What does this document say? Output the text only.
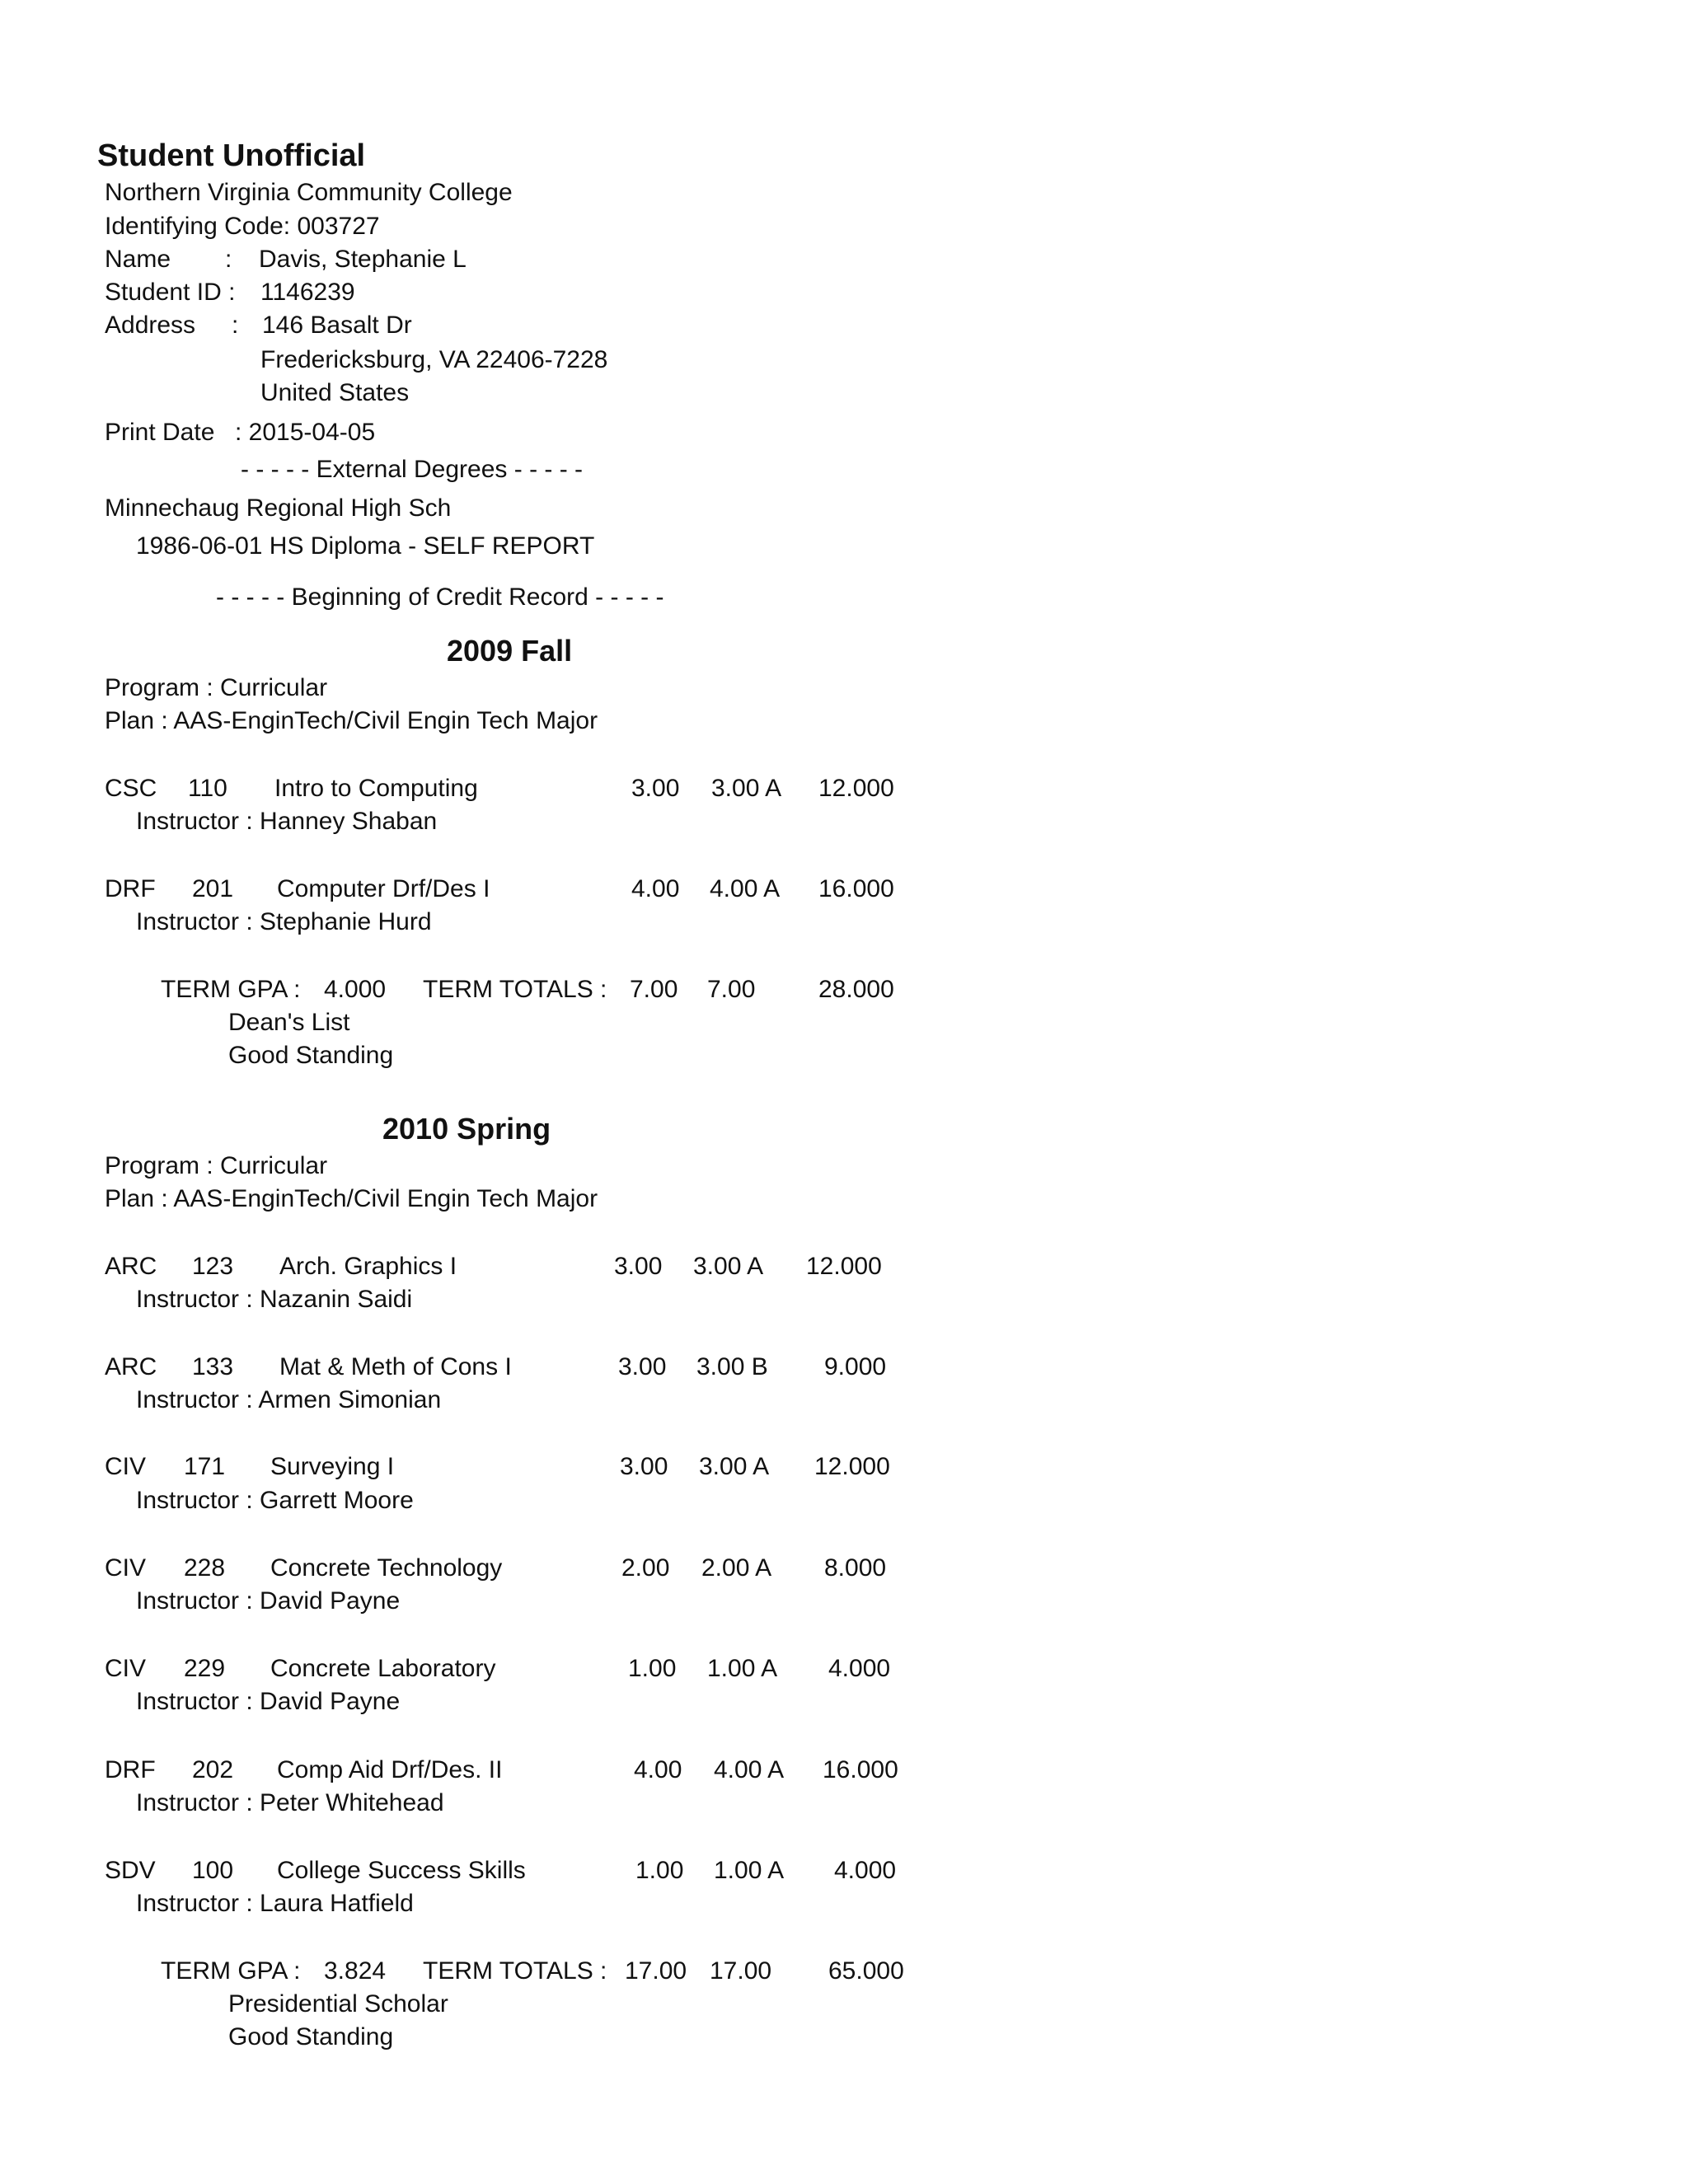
Student Unofficial
Northern Virginia Community College
Identifying Code: 003727
Name : Davis, Stephanie L
Student ID : 1146239
Address : 146 Basalt Dr
Fredericksburg, VA 22406-7228
United States
Print Date : 2015-04-05
- - - - - External Degrees - - - - -
Minnechaug Regional High Sch
1986-06-01 HS Diploma - SELF REPORT
- - - - - Beginning of Credit Record - - - - -
2009 Fall
Program : Curricular
Plan : AAS-EnginTech/Civil Engin Tech Major
CSC 110 Intro to Computing	3.00 3.00 A 12.000
Instructor : Hanney Shaban
DRF 201 Computer Drf/Des I	4.00 4.00 A 16.000
Instructor : Stephanie Hurd
TERM GPA : 4.000 TERM TOTALS : 7.00 7.00	28.000
Dean's List
Good Standing
2010 Spring
Program : Curricular
Plan : AAS-EnginTech/Civil Engin Tech Major
ARC 123 Arch. Graphics I	3.00 3.00 A 12.000
Instructor : Nazanin Saidi
ARC 133 Mat & Meth of Cons I	3.00 3.00 B 9.000
Instructor : Armen Simonian
CIV 171 Surveying I	3.00 3.00 A 12.000
Instructor : Garrett Moore
CIV 228 Concrete Technology	2.00 2.00 A 8.000
Instructor : David Payne
CIV 229 Concrete Laboratory	1.00 1.00 A 4.000
Instructor : David Payne
DRF 202 Comp Aid Drf/Des. II	4.00 4.00 A 16.000
Instructor : Peter Whitehead
SDV 100 College Success Skills	1.00 1.00 A 4.000
Instructor : Laura Hatfield
TERM GPA : 3.824 TERM TOTALS : 17.00 17.00 65.000
Presidential Scholar
Good Standing
